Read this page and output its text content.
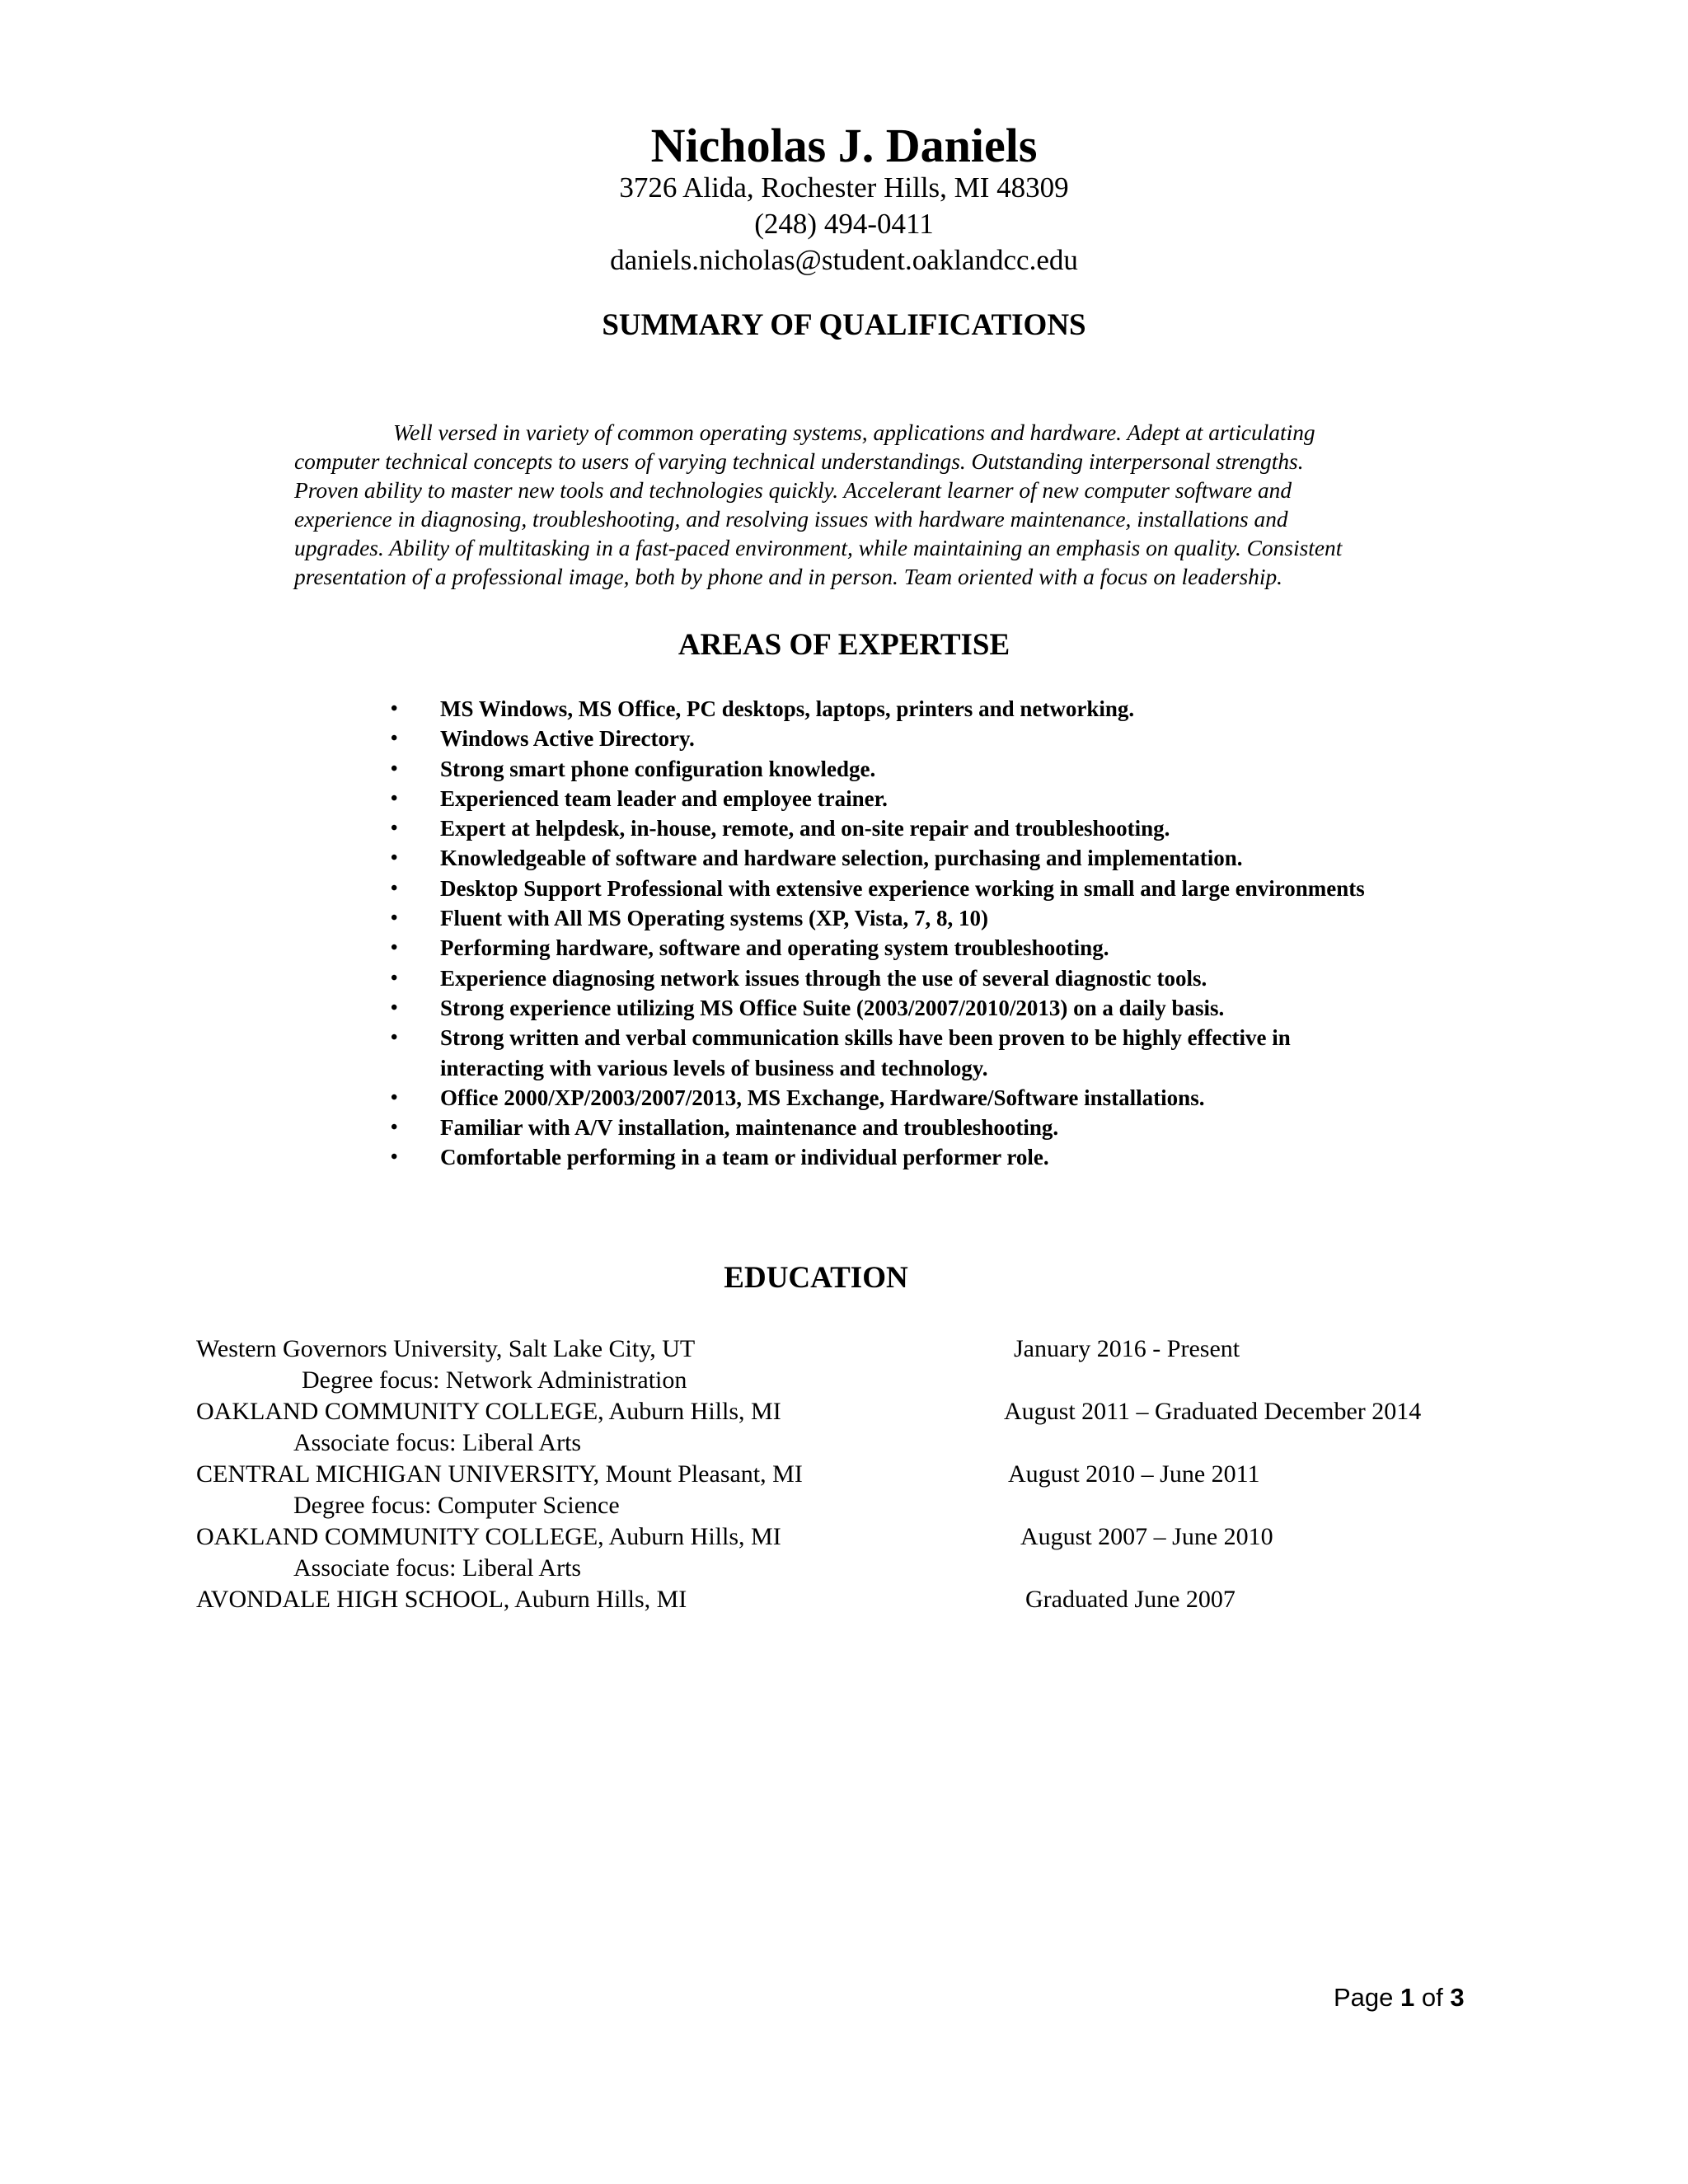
Nicholas J. Daniels
3726 Alida, Rochester Hills, MI 48309
(248) 494-0411
daniels.nicholas@student.oaklandcc.edu
SUMMARY OF QUALIFICATIONS
Well versed in variety of common operating systems, applications and hardware. Adept at articulating
computer technical concepts to users of varying technical understandings. Outstanding interpersonal strengths.
Proven ability to master new tools and technologies quickly. Accelerant learner of new computer software and
experience in diagnosing, troubleshooting, and resolving issues with hardware maintenance, installations and
upgrades. Ability of multitasking in a fast-paced environment, while maintaining an emphasis on quality. Consistent
presentation of a professional image, both by phone and in person. Team oriented with a focus on leadership.
AREAS OF EXPERTISE
• MS Windows, MS Office, PC desktops, laptops, printers and networking.
• Windows Active Directory.
• Strong smart phone configuration knowledge.
• Experienced team leader and employee trainer.
• Expert at helpdesk, in-house, remote, and on-site repair and troubleshooting.
• Knowledgeable of software and hardware selection, purchasing and implementation.
• Desktop Support Professional with extensive experience working in small and large environments
• Fluent with All MS Operating systems (XP, Vista, 7, 8, 10)
• Performing hardware, software and operating system troubleshooting.
• Experience diagnosing network issues through the use of several diagnostic tools.
• Strong experience utilizing MS Office Suite (2003/2007/2010/2013) on a daily basis.
• Strong written and verbal communication skills have been proven to be highly effective in interacting with various levels of business and technology.
• Office 2000/XP/2003/2007/2013, MS Exchange, Hardware/Software installations.
• Familiar with A/V installation, maintenance and troubleshooting.
• Comfortable performing in a team or individual performer role.
EDUCATION
Western Governors University, Salt Lake City, UT	January 2016 - Present
Degree focus: Network Administration
OAKLAND COMMUNITY COLLEGE, Auburn Hills, MI	August 2011 – Graduated December 2014
Associate focus: Liberal Arts
CENTRAL MICHIGAN UNIVERSITY, Mount Pleasant, MI	August 2010 – June 2011
Degree focus: Computer Science
OAKLAND COMMUNITY COLLEGE, Auburn Hills, MI	August 2007 – June 2010
Associate focus: Liberal Arts
AVONDALE HIGH SCHOOL, Auburn Hills, MI	Graduated June 2007
Page 1 of 3
